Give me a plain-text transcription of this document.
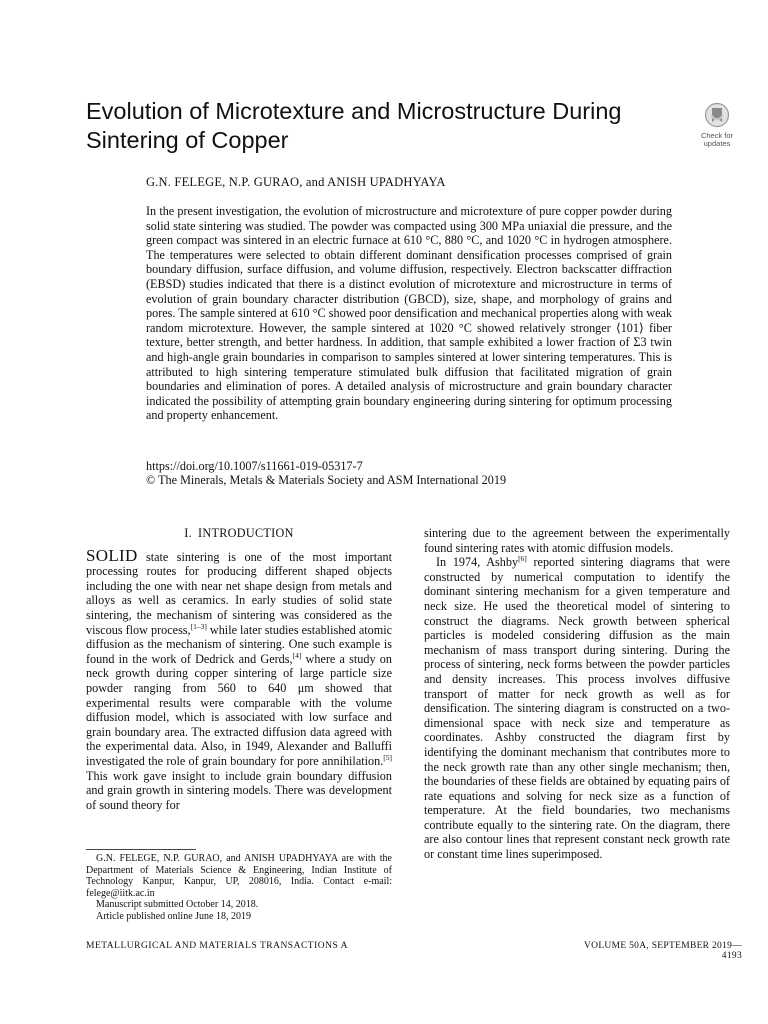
Evolution of Microtexture and Microstructure During Sintering of Copper	Check for
updates
G.N. FELEGE, N.P. GURAO, and ANISH UPADHYAYA

In the present investigation, the evolution of microstructure and microtexture of pure copper powder during solid state sintering was studied. The powder was compacted using 300 MPa uniaxial die pressure, and the green compact was sintered in an electric furnace at 610 °C, 880 °C, and 1020 °C in hydrogen atmosphere. The temperatures were selected to obtain different dominant densification processes comprised of grain boundary diffusion, surface diffusion, and volume diffusion, respectively. Electron backscatter diffraction (EBSD) studies indicated that there is a distinct evolution of microtexture and microstructure in terms of evolution of grain boundary character distribution (GBCD), size, shape, and morphology of grains and pores. The sample sintered at 610 °C showed poor densification and mechanical properties along with weak random microtexture. However, the sample sintered at 1020 °C showed relatively stronger ⟨101⟩ fiber texture, better strength, and better hardness. In addition, that sample exhibited a lower fraction of Σ3 twin and high-angle grain boundaries in comparison to samples sintered at lower sintering temperatures. This is attributed to high sintering temperature stimulated bulk diffusion that facilitated migration of grain boundaries and elimination of pores. A detailed analysis of microstructure and grain boundary character indicated the possibility of attempting grain boundary engineering during sintering for optimum processing and property enhancement.

https://doi.org/10.1007/s11661-019-05317-7
© The Minerals, Metals & Materials Society and ASM International 2019
I. INTRODUCTION

SOLID state sintering is one of the most important processing routes for producing different shaped objects including the one with near net shape design from metals and alloys as well as ceramics. In early studies of solid state sintering, the mechanism of sintering was considered as the viscous flow process,[1–3] while later studies established atomic diffusion as the mechanism of sintering. One such example is found in the work of Dedrick and Gerds,[4] where a study on neck growth during copper sintering of large particle size powder ranging from 560 to 640 μm showed that experimental results were comparable with the volume diffusion model, which is associated with low surface and grain boundary area. The extracted diffusion data agreed with the experimental data. Also, in 1949, Alexander and Balluffi investigated the role of grain boundary for pore annihilation.[5] This work gave insight to include grain boundary diffusion and grain growth in sintering models. There was development of sound theory for

sintering due to the agreement between the experimentally found sintering rates with atomic diffusion models.

In 1974, Ashby[6] reported sintering diagrams that were constructed by numerical computation to identify the dominant sintering mechanism for a given temperature and neck size. He used the theoretical model of sintering to construct the diagrams. Neck growth between spherical particles is modeled considering diffusion as the main mechanism of mass transport during sintering. During the process of sintering, neck forms between the powder particles and density increases. This process involves diffusive transport of matter for neck growth as well as for densification. The sintering diagram is constructed on a two-dimensional space with neck size and temperature as coordinates. Ashby constructed the diagram first by identifying the dominant mechanism that contributes more to the neck growth rate than any other single mechanism; then, the boundaries of these fields are obtained by equating pairs of rate equations and solving for neck size as a function of temperature. At the field boundaries, two mechanisms contribute equally to the sintering rate. On the diagram, there are also contour lines that represent constant neck growth rate or constant time lines superimposed.

G.N. FELEGE, N.P. GURAO, and ANISH UPADHYAYA are with the Department of Materials Science & Engineering, Indian Institute of Technology Kanpur, Kanpur, UP, 208016, India. Contact e-mail: felege@iitk.ac.in

Manuscript submitted October 14, 2018.
Article published online June 18, 2019
METALLURGICAL AND MATERIALS TRANSACTIONS A	VOLUME 50A, SEPTEMBER 2019—4193
